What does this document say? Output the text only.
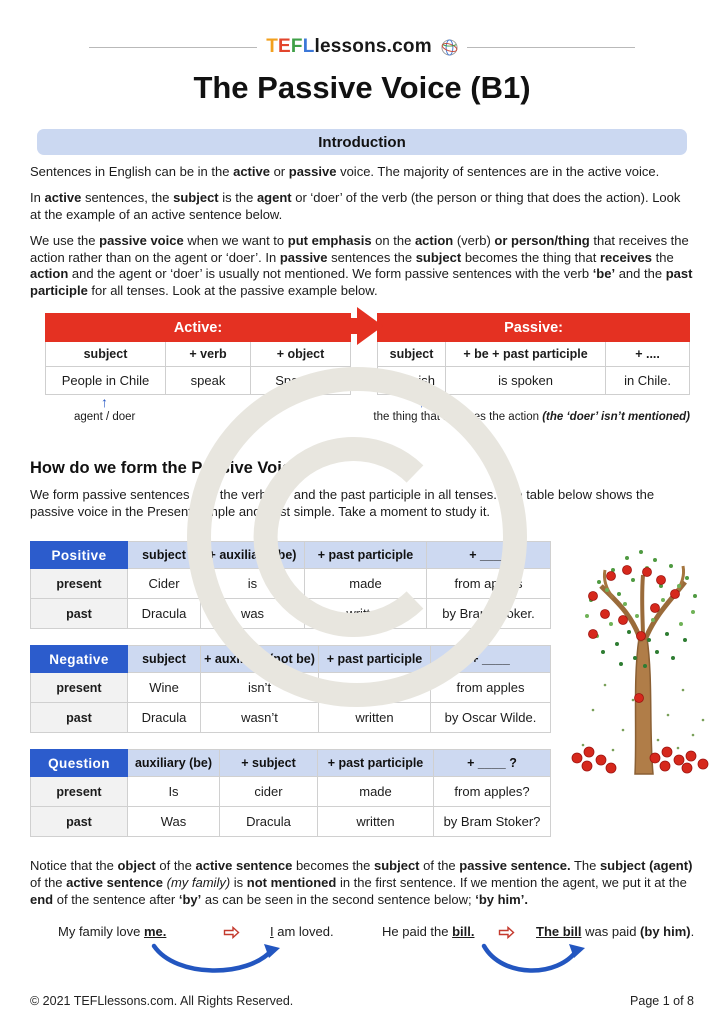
T E F L lessons.com
The Passive Voice (B1)
Introduction

Sentences in English can be in the active or passive voice. The majority of sentences are in the active voice.

In active sentences, the subject is the agent or ‘doer’ of the verb (the person or thing that does the action). Look at the example of an active sentence below.

We use the passive voice when we want to put emphasis on the action (verb) or person/thing that receives the action rather than on the agent or ‘doer’. In passive sentences the subject becomes the thing that receives the action and the agent or ‘doer’ is usually not mentioned. We form passive sentences with the verb ‘be’ and the past participle for all tenses. Look at the passive example below.

Active:		
subject	+ verb	+ object
People in Chile	speak	Spanish.
Passive:		
subject	+ be + past participle	+ ....
Spanish	is spoken	in Chile.
↑
agent / doer
↑
the thing that receives the action (the ‘doer’ isn’t mentioned)
How do we form the Passive Voice?

We form passive sentences with the verb ‘be’ and the past participle in all tenses. The table below shows the passive voice in the Present Simple and Past simple. Take a moment to study it.

Positive	subject	+ auxiliary (be)	+ past participle	+ ____
present	Cider	is	made	from apples
past	Dracula	was	written	by Bram Stoker.
Negative	subject	+ auxiliary (not be)	+ past participle	+ ____
present	Wine	isn’t	made	from apples
past	Dracula	wasn’t	written	by Oscar Wilde.
Question	auxiliary (be)	+ subject	+ past participle	+ ____ ?
present	Is	cider	made	from apples?
past	Was	Dracula	written	by Bram Stoker?

Notice that the object of the active sentence becomes the subject of the passive sentence. The subject (agent) of the active sentence (my family) is not mentioned in the first sentence. If we mention the agent, we put it at the end of the sentence after ‘by’ as can be seen in the second sentence below; ‘by him’.

My family love me.	I am loved.	He paid the bill.	The bill was paid (by him).
© 2021 TEFLlessons.com. All Rights Reserved.	Page 1 of 8
